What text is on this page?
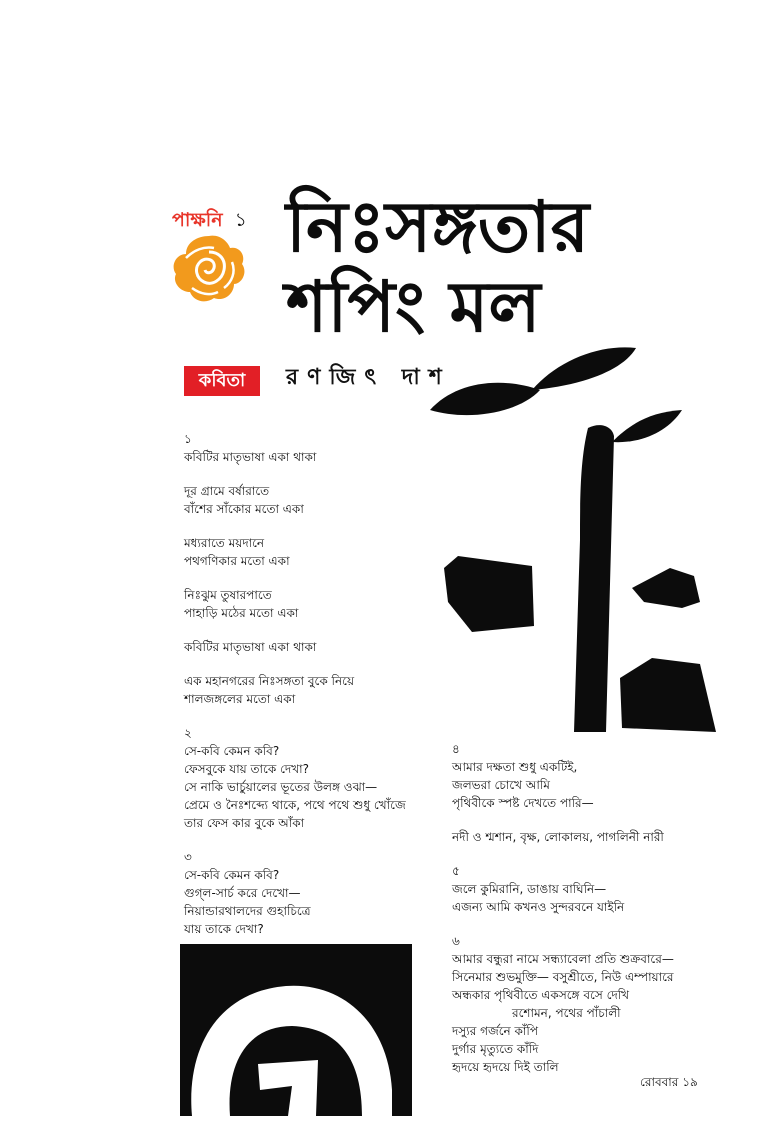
পাক্ষনি ১ নিঃসঙ্গতার
শপিং মল
কবিতা	রণজিৎ দাশ
১
কবিটির মাতৃভাষা একা থাকা
দূর গ্রামে বর্ষারাতে
বাঁশের সাঁকোর মতো একা
মধ্যরাতে ময়দানে
পথগণিকার মতো একা
নিঃঝুম তুষারপাতে
পাহাড়ি মঠের মতো একা
কবিটির মাতৃভাষা একা থাকা
এক মহানগরের নিঃসঙ্গতা বুকে নিয়ে
শালজঙ্গলের মতো একা
২
সে-কবি কেমন কবি?
ফেসবুকে যায় তাকে দেখা?
সে নাকি ভার্চুয়ালের ভূতের উলঙ্গ ওঝা—
প্রেমে ও নৈঃশব্দ্যে থাকে, পথে পথে শুধু খোঁজে
তার ফেস কার বুকে আঁকা
৩
সে-কবি কেমন কবি?
গুগ্‌ল-সার্চ করে দেখো—
নিয়ান্ডারথালদের গুহাচিত্রে
যায় তাকে দেখা?
৪
আমার দক্ষতা শুধু একটিই,
জলভরা চোখে আমি
পৃথিবীকে স্পষ্ট দেখতে পারি—
নদী ও শ্মশান, বৃক্ষ, লোকালয়, পাগলিনী নারী
৫
জলে কুমিরানি, ডাঙায় বাঘিনি—
এজন্য আমি কখনও সুন্দরবনে যাইনি
৬
আমার বন্ধুরা নামে সন্ধ্যাবেলা প্রতি শুক্রবারে—
সিনেমার শুভমুক্তি— বসুশ্রীতে, নিউ এম্পায়ারে
অন্ধকার পৃথিবীতে একসঙ্গে বসে দেখি
রশোমন, পথের পাঁচালী
দস্যুর গর্জনে কাঁপি
দুর্গার মৃত্যুতে কাঁদি
হৃদয়ে হৃদয়ে দিই তালি
রোববার ১৯
